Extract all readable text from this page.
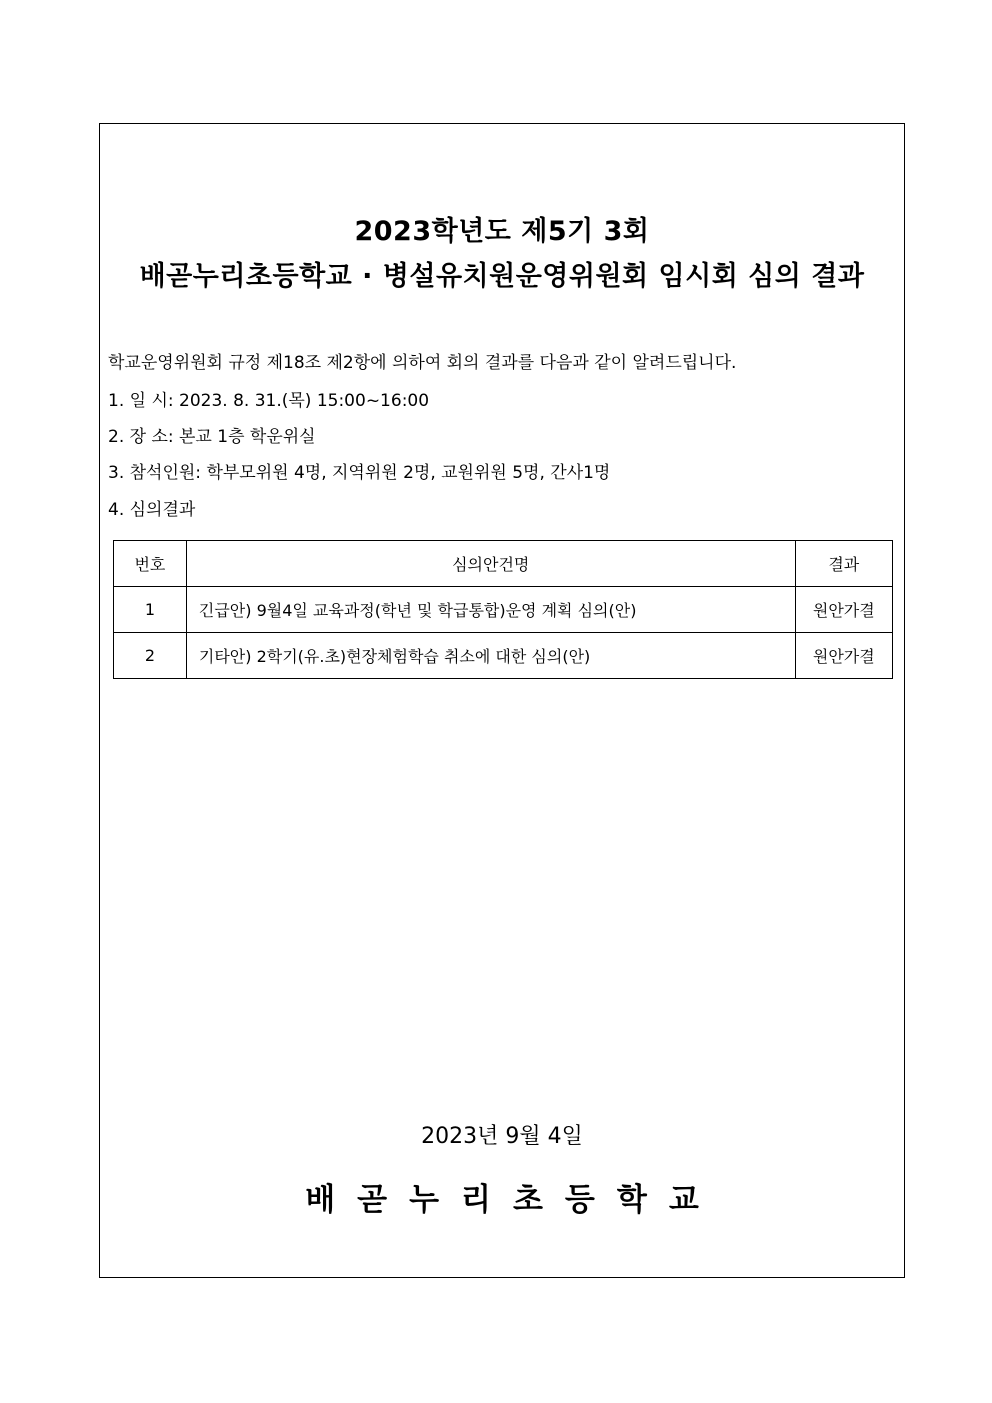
2023학년도 제5기 3회
배곧누리초등학교 · 병설유치원운영위원회 임시회 심의 결과
학교운영위원회 규정 제18조 제2항에 의하여 회의 결과를 다음과 같이 알려드립니다.
1. 일 시: 2023. 8. 31.(목) 15:00~16:00
2. 장 소: 본교 1층 학운위실
3. 참석인원: 학부모위원 4명, 지역위원 2명, 교원위원 5명, 간사1명
4. 심의결과
번호	심의안건명	결과
1	긴급안) 9월4일 교육과정(학년 및 학급통합)운영 계획 심의(안)	원안가결
2	기타안) 2학기(유.초)현장체험학습 취소에 대한 심의(안)	원안가결
2023년 9월 4일
배곧누리초등학교
